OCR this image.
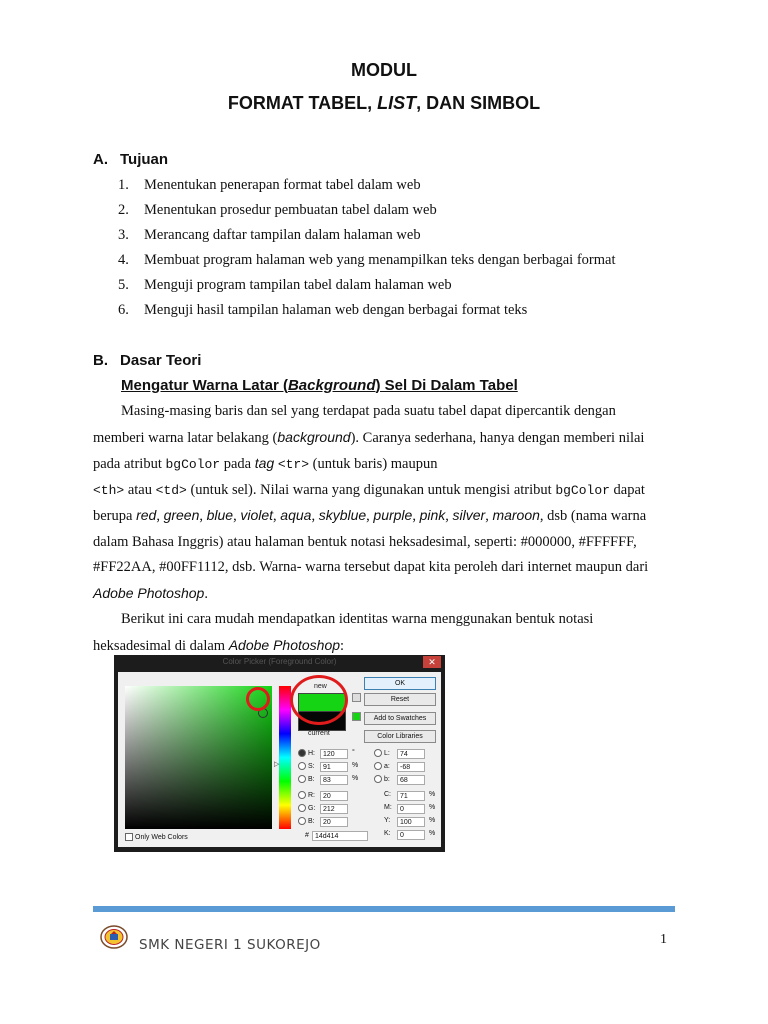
MODUL
FORMAT TABEL, LIST, DAN SIMBOL
A. Tujuan
1. Menentukan penerapan format tabel dalam web
2. Menentukan prosedur pembuatan tabel dalam web
3. Merancang daftar tampilan dalam halaman web
4. Membuat program halaman web yang menampilkan teks dengan berbagai format
5. Menguji program tampilan tabel dalam halaman web
6. Menguji hasil tampilan halaman web dengan berbagai format teks
B. Dasar Teori
Mengatur Warna Latar (Background) Sel Di Dalam Tabel

Masing-masing baris dan sel yang terdapat pada suatu tabel dapat dipercantik dengan memberi warna latar belakang (background). Caranya sederhana, hanya dengan memberi nilai pada atribut bgColor pada tag <tr> (untuk baris) maupun
<th> atau <td> (untuk sel). Nilai warna yang digunakan untuk mengisi atribut bgColor dapat berupa red, green, blue, violet, aqua, skyblue, purple, pink, silver, maroon, dsb (nama warna dalam Bahasa Inggris) atau halaman bentuk notasi heksadesimal, seperti: #000000, #FFFFFF, #FF22AA, #00FF1112, dsb. Warna- warna tersebut dapat kita peroleh dari internet maupun dari Adobe Photoshop.

Berikut ini cara mudah mendapatkan identitas warna menggunakan bentuk notasi heksadesimal di dalam Adobe Photoshop:

Color Picker (Foreground Color)	✕
▷
new
current
OK
Reset
Add to Swatches
Color Libraries
H:	120	°
S:	91	%
B:	83	%
R:	20
G:	212
B:	20
L:	74
a:	-68
b:	68
C:	71	%
M:	0	%
Y:	100	%
K:	0	%
# 14d414
Only Web Colors
SMK NEGERI 1 SUKOREJO	1
